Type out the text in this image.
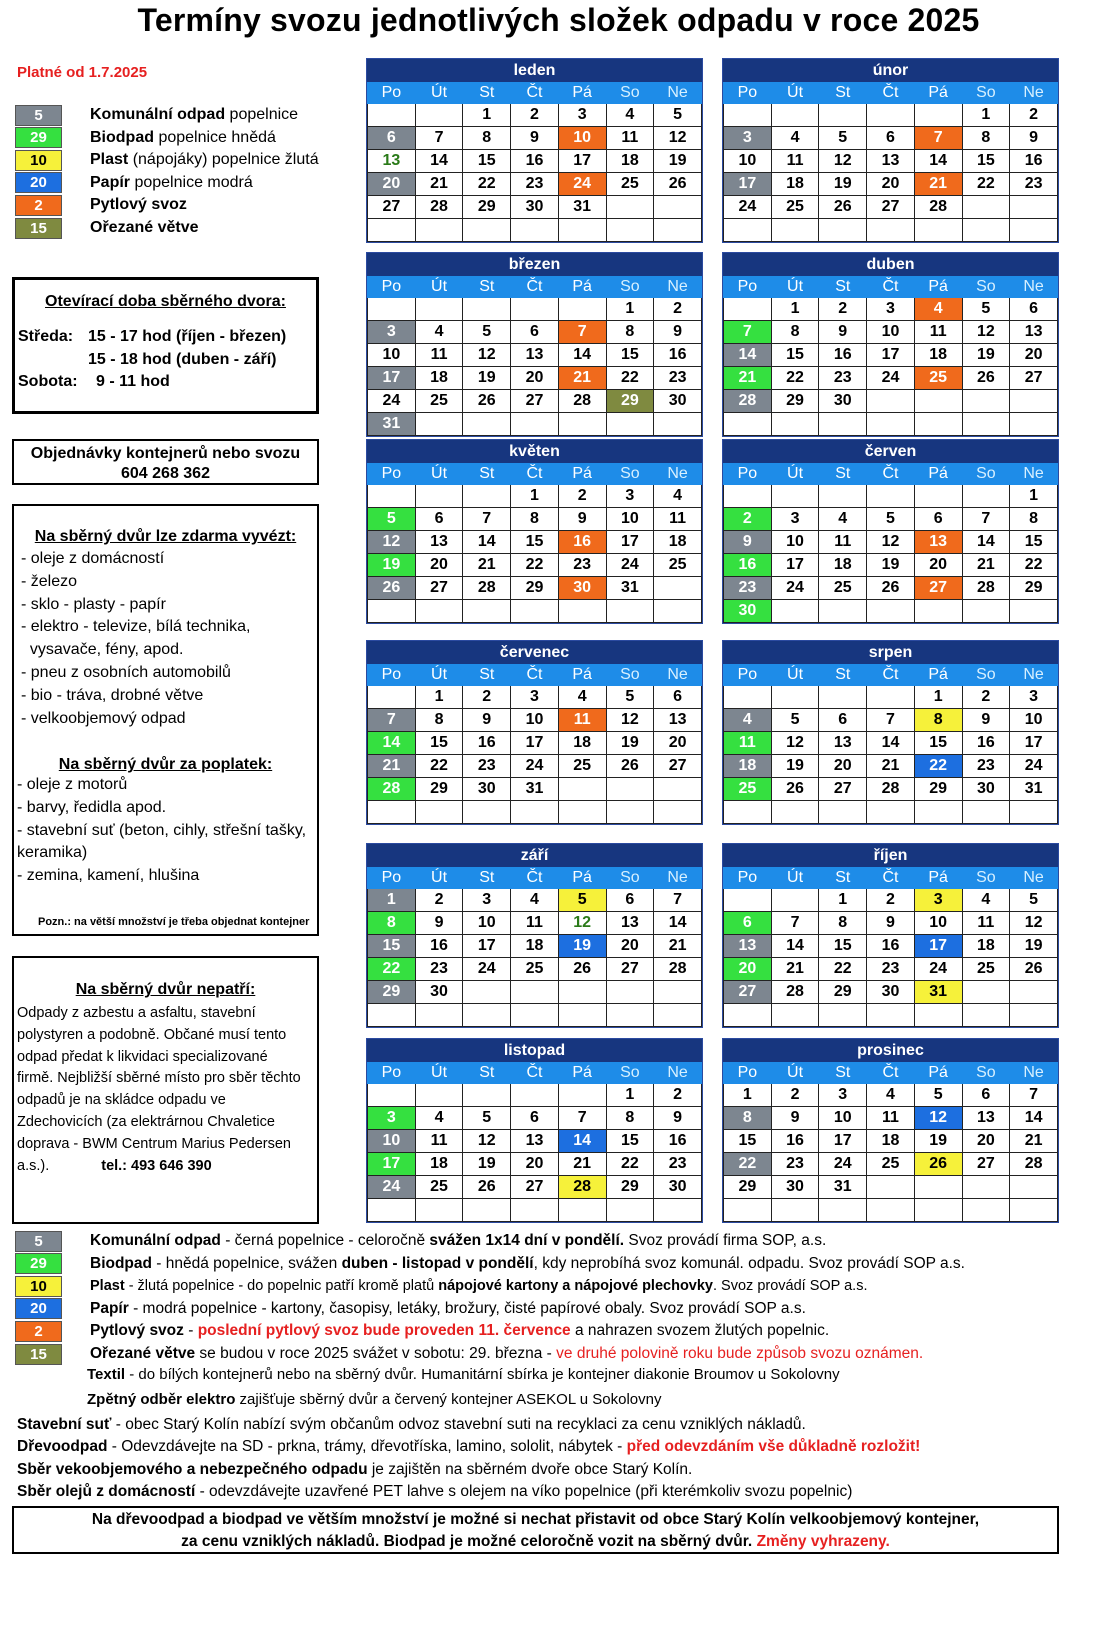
Termíny svozu jednotlivých složek odpadu v roce 2025
Platné od 1.7.2025
5	Komunální odpad popelnice
29	Biodpad popelnice hnědá
10	Plast (nápojáky) popelnice žlutá
20	Papír popelnice modrá
2	Pytlový svoz
15	Ořezané větve
Otevírací doba sběrného dvora:
Středa: 15 - 17 hod (říjen - březen)
15 - 18 hod (duben - září)
Sobota: 9 - 11 hod
Objednávky kontejnerů nebo svozu
604 268 362
Na sběrný dvůr lze zdarma vyvézt:
- oleje z domácností
- železo
- sklo - plasty - papír
- elektro - televize, bílá technika,
vysavače, fény, apod.
- pneu z osobních automobilů
- bio - tráva, drobné větve
- velkoobjemový odpad
Na sběrný dvůr za poplatek:
- oleje z motorů
- barvy, ředidla apod.
- stavební suť (beton, cihly, střešní tašky,
keramika)
- zemina, kamení, hlušina
Pozn.: na větší množství je třeba objednat kontejner
Na sběrný dvůr nepatří:
Odpady z azbestu a asfaltu, stavební
polystyren a podobně. Občané musí tento
odpad předat k likvidaci specializované
firmě. Nejbližší sběrné místo pro sběr těchto
odpadů je na skládce odpadu ve
Zdechovicích (za elektrárnou Chvaletice
doprava - BWM Centrum Marius Pedersen
a.s.).	tel.: 493 646 390
leden						
Po	Út	St	Čt	Pá	So	Ne
		1	2	3	4	5
6	7	8	9	10	11	12
13	14	15	16	17	18	19
20	21	22	23	24	25	26
27	28	29	30	31		

únor						
Po	Út	St	Čt	Pá	So	Ne
					1	2
3	4	5	6	7	8	9
10	11	12	13	14	15	16
17	18	19	20	21	22	23
24	25	26	27	28		

březen						
Po	Út	St	Čt	Pá	So	Ne
					1	2
3	4	5	6	7	8	9
10	11	12	13	14	15	16
17	18	19	20	21	22	23
24	25	26	27	28	29	30
31						
duben						
Po	Út	St	Čt	Pá	So	Ne
	1	2	3	4	5	6
7	8	9	10	11	12	13
14	15	16	17	18	19	20
21	22	23	24	25	26	27
28	29	30				

květen						
Po	Út	St	Čt	Pá	So	Ne
			1	2	3	4
5	6	7	8	9	10	11
12	13	14	15	16	17	18
19	20	21	22	23	24	25
26	27	28	29	30	31	

červen						
Po	Út	St	Čt	Pá	So	Ne
						1
2	3	4	5	6	7	8
9	10	11	12	13	14	15
16	17	18	19	20	21	22
23	24	25	26	27	28	29
30						
červenec						
Po	Út	St	Čt	Pá	So	Ne
	1	2	3	4	5	6
7	8	9	10	11	12	13
14	15	16	17	18	19	20
21	22	23	24	25	26	27
28	29	30	31			

srpen						
Po	Út	St	Čt	Pá	So	Ne
				1	2	3
4	5	6	7	8	9	10
11	12	13	14	15	16	17
18	19	20	21	22	23	24
25	26	27	28	29	30	31

září						
Po	Út	St	Čt	Pá	So	Ne
1	2	3	4	5	6	7
8	9	10	11	12	13	14
15	16	17	18	19	20	21
22	23	24	25	26	27	28
29	30					

říjen						
Po	Út	St	Čt	Pá	So	Ne
		1	2	3	4	5
6	7	8	9	10	11	12
13	14	15	16	17	18	19
20	21	22	23	24	25	26
27	28	29	30	31		

listopad						
Po	Út	St	Čt	Pá	So	Ne
					1	2
3	4	5	6	7	8	9
10	11	12	13	14	15	16
17	18	19	20	21	22	23
24	25	26	27	28	29	30

prosinec						
Po	Út	St	Čt	Pá	So	Ne
1	2	3	4	5	6	7
8	9	10	11	12	13	14
15	16	17	18	19	20	21
22	23	24	25	26	27	28
29	30	31				

5	Komunální odpad - černá popelnice - celoročně svážen 1x14 dní v pondělí. Svoz provádí firma SOP, a.s.
29	Biodpad - hnědá popelnice, svážen duben - listopad v pondělí, kdy neprobíhá svoz komunál. odpadu. Svoz provádí SOP a.s.
10	Plast - žlutá popelnice - do popelnic patří kromě platů nápojové kartony a nápojové plechovky. Svoz provádí SOP a.s.
20	Papír - modrá popelnice - kartony, časopisy, letáky, brožury, čisté papírové obaly. Svoz provádí SOP a.s.
2	Pytlový svoz - poslední pytlový svoz bude proveden 11. července a nahrazen svozem žlutých popelnic.
15	Ořezané větve se budou v roce 2025 svážet v sobotu: 29. března - ve druhé polovině roku bude způsob svozu oznámen.
Textil - do bílých kontejnerů nebo na sběrný dvůr. Humanitární sbírka je kontejner diakonie Broumov u Sokolovny
Zpětný odběr elektro zajišťuje sběrný dvůr a červený kontejner ASEKOL u Sokolovny
Stavební suť - obec Starý Kolín nabízí svým občanům odvoz stavební suti na recyklaci za cenu vzniklých nákladů.
Dřevoodpad - Odevzdávejte na SD - prkna, trámy, dřevotříska, lamino, sololit, nábytek - před odevzdáním vše důkladně rozložit!
Sběr vekoobjemového a nebezpečného odpadu je zajištěn na sběrném dvoře obce Starý Kolín.
Sběr olejů z domácností - odevzdávejte uzavřené PET lahve s olejem na víko popelnice (při kterémkoliv svozu popelnic)
Na dřevoodpad a biodpad ve větším množství je možné si nechat přistavit od obce Starý Kolín velkoobjemový kontejner,
za cenu vzniklých nákladů. Biodpad je možné celoročně vozit na sběrný dvůr. Změny vyhrazeny.
